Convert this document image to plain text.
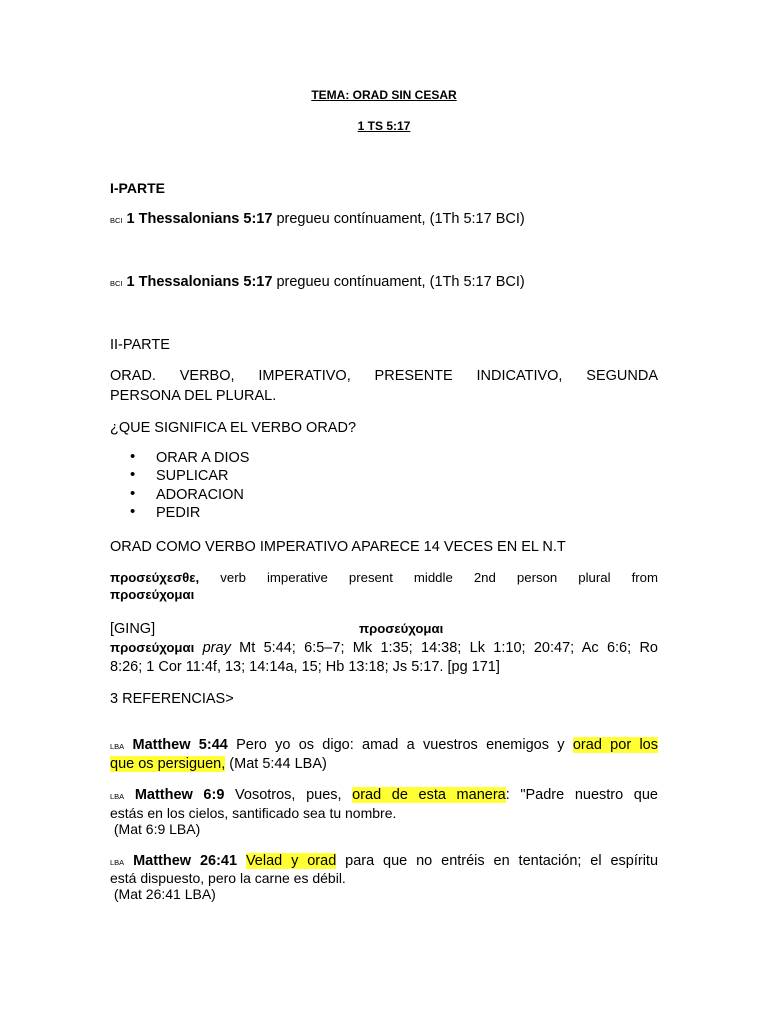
TEMA: ORAD SIN CESAR
1 TS 5:17
I-PARTE
$^{BCI}$ 1 Thessalonians 5:17 pregueu contínuament, (1Th 5:17 BCI)
$^{BCI}$ 1 Thessalonians 5:17 pregueu contínuament, (1Th 5:17 BCI)
II-PARTE
ORAD. VERBO, IMPERATIVO, PRESENTE INDICATIVO, SEGUNDA
PERSONA DEL PLURAL.
¿QUE SIGNIFICA EL VERBO ORAD?
• ORAR A DIOS
• SUPLICAR
• ADORACION
• PEDIR
ORAD COMO VERBO IMPERATIVO APARECE 14 VECES EN EL N.T
προσεύχεσθε, verb imperative present middle 2nd person plural from
προσεύχομαι
[GING]	προσεύχομαι
προσεύχομαι pray Mt 5:44; 6:5–7; Mk 1:35; 14:38; Lk 1:10; 20:47; Ac 6:6; Ro
8:26; 1 Cor 11:4f, 13; 14:14a, 15; Hb 13:18; Js 5:17. [pg 171]
3 REFERENCIAS>
$^{LBA}$ Matthew 5:44 Pero yo os digo: amad a vuestros enemigos y orad por los
que os persiguen, (Mat 5:44 LBA)
$^{LBA}$ Matthew 6:9 Vosotros, pues, orad de esta manera: "Padre nuestro que
estás en los cielos, santificado sea tu nombre.
(Mat 6:9 LBA)
$^{LBA}$ Matthew 26:41 Velad y orad para que no entréis en tentación; el espíritu
está dispuesto, pero la carne es débil.
(Mat 26:41 LBA)
